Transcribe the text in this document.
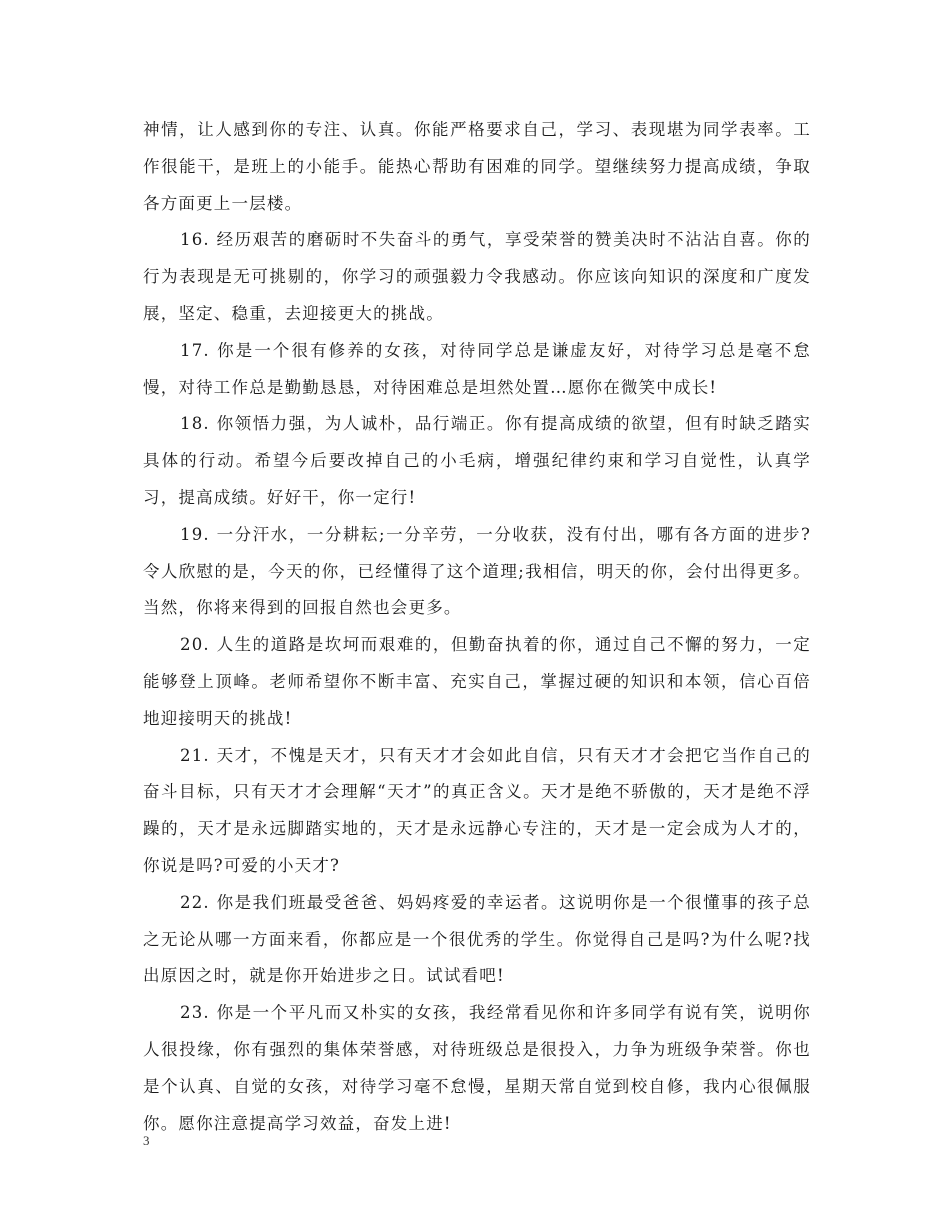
神情，让人感到你的专注、认真。你能严格要求自己，学习、表现堪为同学表率。工作很能干，是班上的小能手。能热心帮助有困难的同学。望继续努力提高成绩，争取各方面更上一层楼。

16. 经历艰苦的磨砺时不失奋斗的勇气，享受荣誉的赞美决时不沾沾自喜。你的行为表现是无可挑剔的，你学习的顽强毅力令我感动。你应该向知识的深度和广度发展，坚定、稳重，去迎接更大的挑战。

17. 你是一个很有修养的女孩，对待同学总是谦虚友好，对待学习总是毫不怠慢，对待工作总是勤勤恳恳，对待困难总是坦然处置…愿你在微笑中成长!

18. 你领悟力强，为人诚朴，品行端正。你有提高成绩的欲望，但有时缺乏踏实具体的行动。希望今后要改掉自己的小毛病，增强纪律约束和学习自觉性，认真学习，提高成绩。好好干，你一定行!

19. 一分汗水，一分耕耘;一分辛劳，一分收获，没有付出，哪有各方面的进步?令人欣慰的是，今天的你，已经懂得了这个道理;我相信，明天的你，会付出得更多。当然，你将来得到的回报自然也会更多。

20. 人生的道路是坎坷而艰难的，但勤奋执着的你，通过自己不懈的努力，一定能够登上顶峰。老师希望你不断丰富、充实自己，掌握过硬的知识和本领，信心百倍地迎接明天的挑战!

21. 天才，不愧是天才，只有天才才会如此自信，只有天才才会把它当作自己的奋斗目标，只有天才才会理解“天才”的真正含义。天才是绝不骄傲的，天才是绝不浮躁的，天才是永远脚踏实地的，天才是永远静心专注的，天才是一定会成为人才的，你说是吗?可爱的小天才?

22. 你是我们班最受爸爸、妈妈疼爱的幸运者。这说明你是一个很懂事的孩子总之无论从哪一方面来看，你都应是一个很优秀的学生。你觉得自己是吗?为什么呢?找出原因之时，就是你开始进步之日。试试看吧!

23. 你是一个平凡而又朴实的女孩，我经常看见你和许多同学有说有笑，说明你人很投缘，你有强烈的集体荣誉感，对待班级总是很投入，力争为班级争荣誉。你也是个认真、自觉的女孩，对待学习毫不怠慢，星期天常自觉到校自修，我内心很佩服你。愿你注意提高学习效益，奋发上进!

3
